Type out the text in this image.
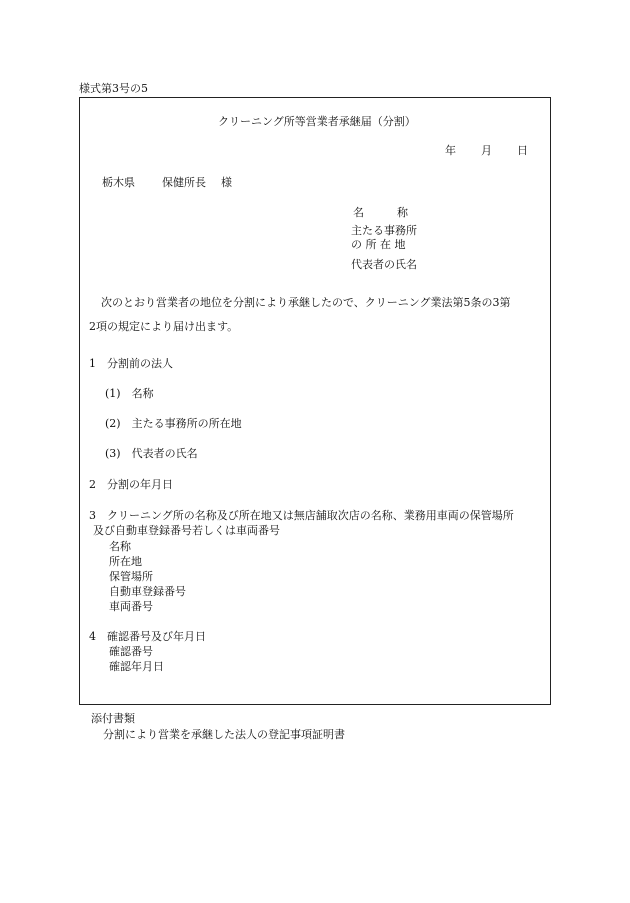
様式第3号の5
クリーニング所等営業者承継届（分割）
年 月 日
栃木県 保健所長 様
名　　　称
主たる事務所
の 所 在 地
代表者の氏名
次のとおり営業者の地位を分割により承継したので、クリーニング業法第5条の3第
2項の規定により届け出ます。
1　分割前の法人
(1)　名称
(2)　主たる事務所の所在地
(3)　代表者の氏名
2　分割の年月日
3　クリーニング所の名称及び所在地又は無店舗取次店の名称、業務用車両の保管場所
及び自動車登録番号若しくは車両番号
名称
所在地
保管場所
自動車登録番号
車両番号
4　確認番号及び年月日
確認番号
確認年月日
添付書類
分割により営業を承継した法人の登記事項証明書
